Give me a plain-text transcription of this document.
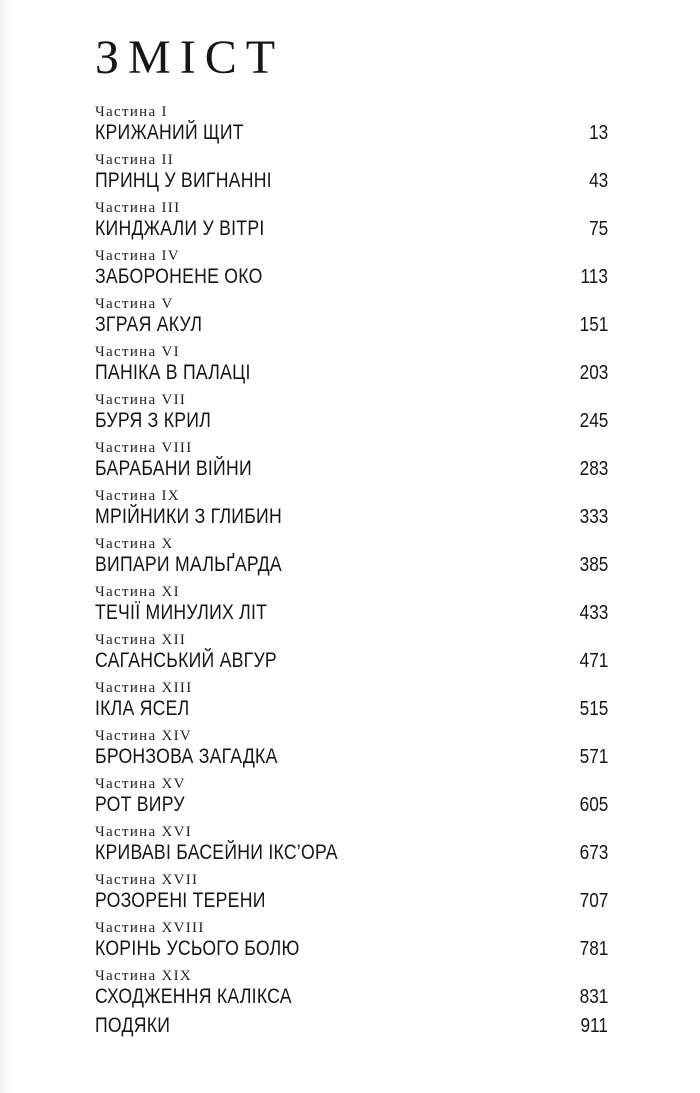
ЗМІСТ
Частина I
КРИЖАНИЙ ЩИТ	13
Частина II
ПРИНЦ У ВИГНАННІ	43
Частина III
КИНДЖАЛИ У ВІТРІ	75
Частина IV
ЗАБОРОНЕНЕ ОКО	113
Частина V
ЗГРАЯ АКУЛ	151
Частина VI
ПАНІКА В ПАЛАЦІ	203
Частина VII
БУРЯ З КРИЛ	245
Частина VIII
БАРАБАНИ ВІЙНИ	283
Частина IX
МРІЙНИКИ З ГЛИБИН	333
Частина X
ВИПАРИ МАЛЬҐАРДА	385
Частина XI
ТЕЧІЇ МИНУЛИХ ЛІТ	433
Частина XII
САГАНСЬКИЙ АВГУР	471
Частина XIII
ІКЛА ЯСЕЛ	515
Частина XIV
БРОНЗОВА ЗАГАДКА	571
Частина XV
РОТ ВИРУ	605
Частина XVI
КРИВАВІ БАСЕЙНИ ІКС’ОРА	673
Частина XVII
РОЗОРЕНІ ТЕРЕНИ	707
Частина XVIII
КОРІНЬ УСЬОГО БОЛЮ	781
Частина XIX
СХОДЖЕННЯ КАЛІКСА	831
ПОДЯКИ	911
